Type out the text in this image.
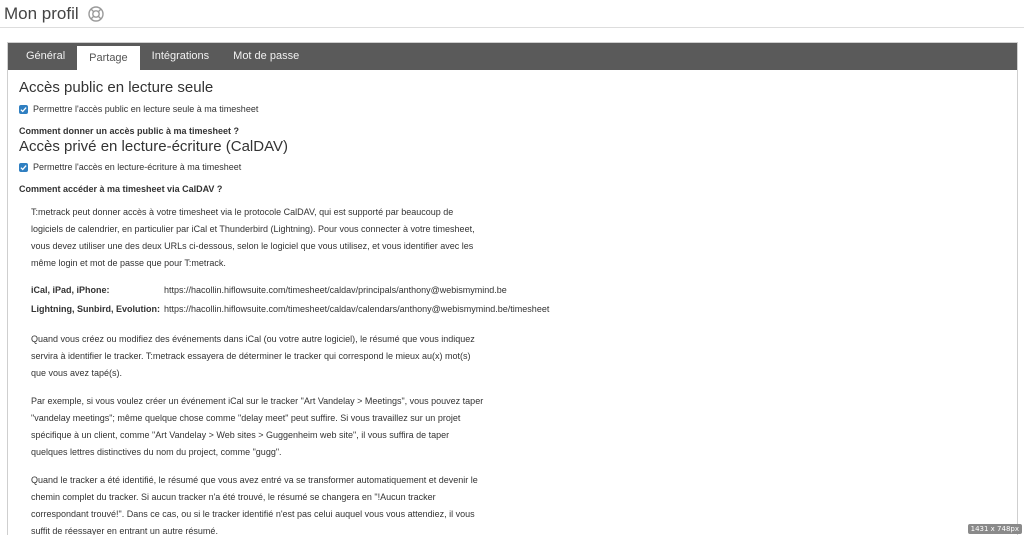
Mon profil
Général	Partage	Intégrations	Mot de passe
Accès public en lecture seule
Permettre l'accès public en lecture seule à ma timesheet
Comment donner un accès public à ma timesheet ?
Accès privé en lecture-écriture (CalDAV)
Permettre l'accès en lecture-écriture à ma timesheet
Comment accéder à ma timesheet via CalDAV ?
T:metrack peut donner accès à votre timesheet via le protocole CalDAV, qui est supporté par beaucoup de logiciels de calendrier, en particulier par iCal et Thunderbird (Lightning). Pour vous connecter à votre timesheet, vous devez utiliser une des deux URLs ci-dessous, selon le logiciel que vous utilisez, et vous identifier avec les même login et mot de passe que pour T:metrack.
iCal, iPad, iPhone:	https://hacollin.hiflowsuite.com/timesheet/caldav/principals/anthony@webismymind.be
Lightning, Sunbird, Evolution: https://hacollin.hiflowsuite.com/timesheet/caldav/calendars/anthony@webismymind.be/timesheet
Quand vous créez ou modifiez des événements dans iCal (ou votre autre logiciel), le résumé que vous indiquez servira à identifier le tracker. T:metrack essayera de déterminer le tracker qui correspond le mieux au(x) mot(s) que vous avez tapé(s).
Par exemple, si vous voulez créer un événement iCal sur le tracker "Art Vandelay > Meetings", vous pouvez taper "vandelay meetings"; même quelque chose comme "delay meet" peut suffire. Si vous travaillez sur un projet spécifique à un client, comme "Art Vandelay > Web sites > Guggenheim web site", il vous suffira de taper quelques lettres distinctives du nom du project, comme "gugg".
Quand le tracker a été identifié, le résumé que vous avez entré va se transformer automatiquement et devenir le chemin complet du tracker. Si aucun tracker n'a été trouvé, le résumé se changera en "!Aucun tracker correspondant trouvé!". Dans ce cas, ou si le tracker identifié n'est pas celui auquel vous vous attendiez, il vous suffit de réessayer en entrant un autre résumé.	1431 x 748px
